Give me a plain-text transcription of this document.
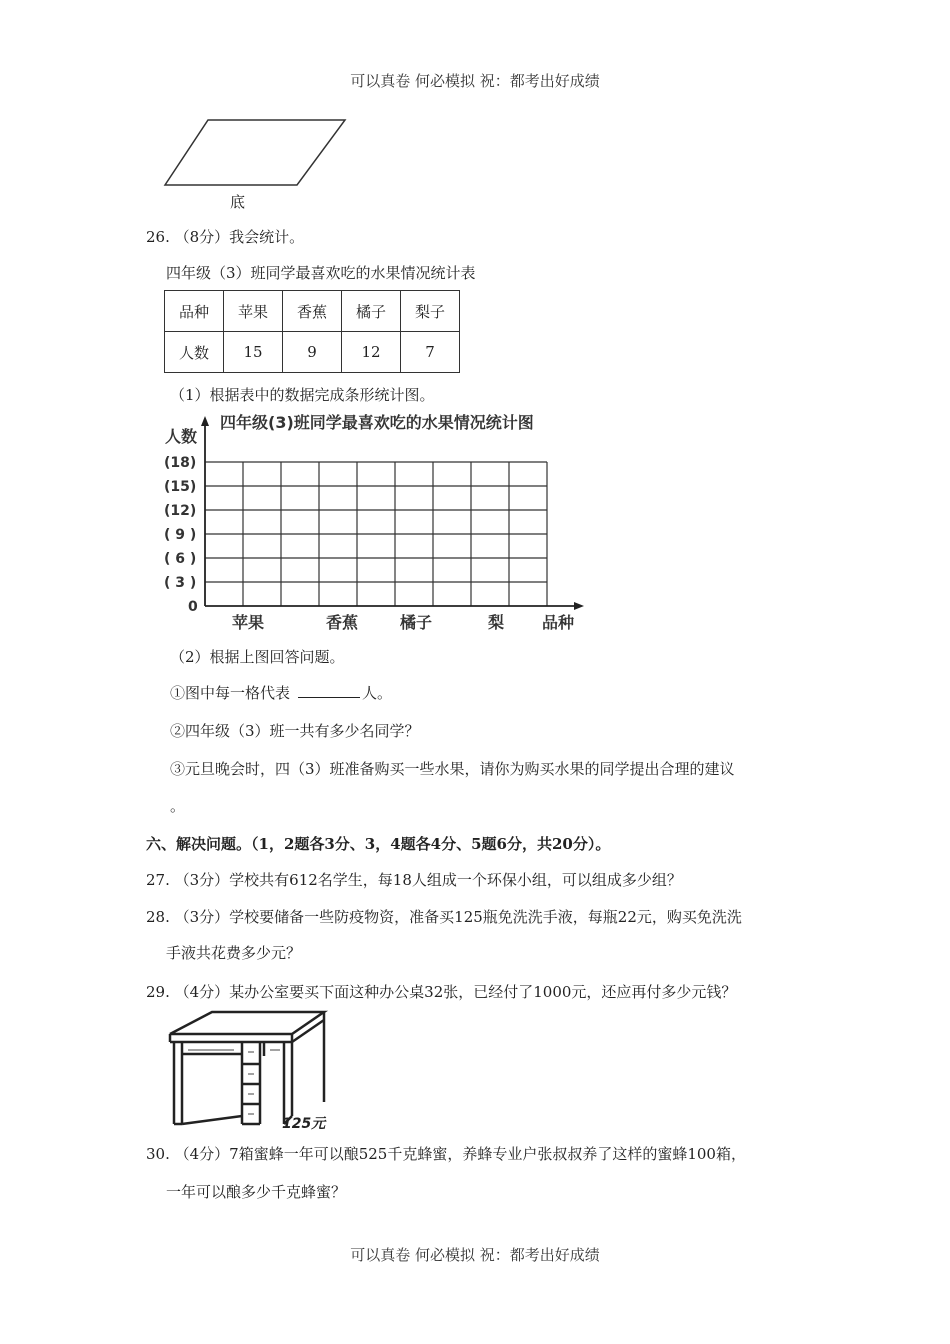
可以真卷 何必模拟 祝：都考出好成绩
底
26. （8分）我会统计。
四年级（3）班同学最喜欢吃的水果情况统计表
品种	苹果	香蕉	橘子	梨子
人数	15	9	12	7
（1）根据表中的数据完成条形统计图。
四年级(3)班同学最喜欢吃的水果情况统计图
人数
品种
0
( 3 )
( 6 )
( 9 )
(12)
(15)
(18)
苹果	香蕉	橘子	梨
（2）根据上图回答问题。
①图中每一格代表	人。
②四年级（3）班一共有多少名同学？
③元旦晚会时，四（3）班准备购买一些水果，请你为购买水果的同学提出合理的建议
。
六、解决问题。（1，2题各3分、3，4题各4分、5题6分，共20分）。
27. （3分）学校共有612名学生，每18人组成一个环保小组，可以组成多少组？
28. （3分）学校要储备一些防疫物资，准备买125瓶免洗洗手液，每瓶22元，购买免洗洗
手液共花费多少元？
29. （4分）某办公室要买下面这种办公桌32张，已经付了1000元，还应再付多少元钱？
125元
30. （4分）7箱蜜蜂一年可以酿525千克蜂蜜，养蜂专业户张叔叔养了这样的蜜蜂100箱，
一年可以酿多少千克蜂蜜？
可以真卷 何必模拟 祝：都考出好成绩
